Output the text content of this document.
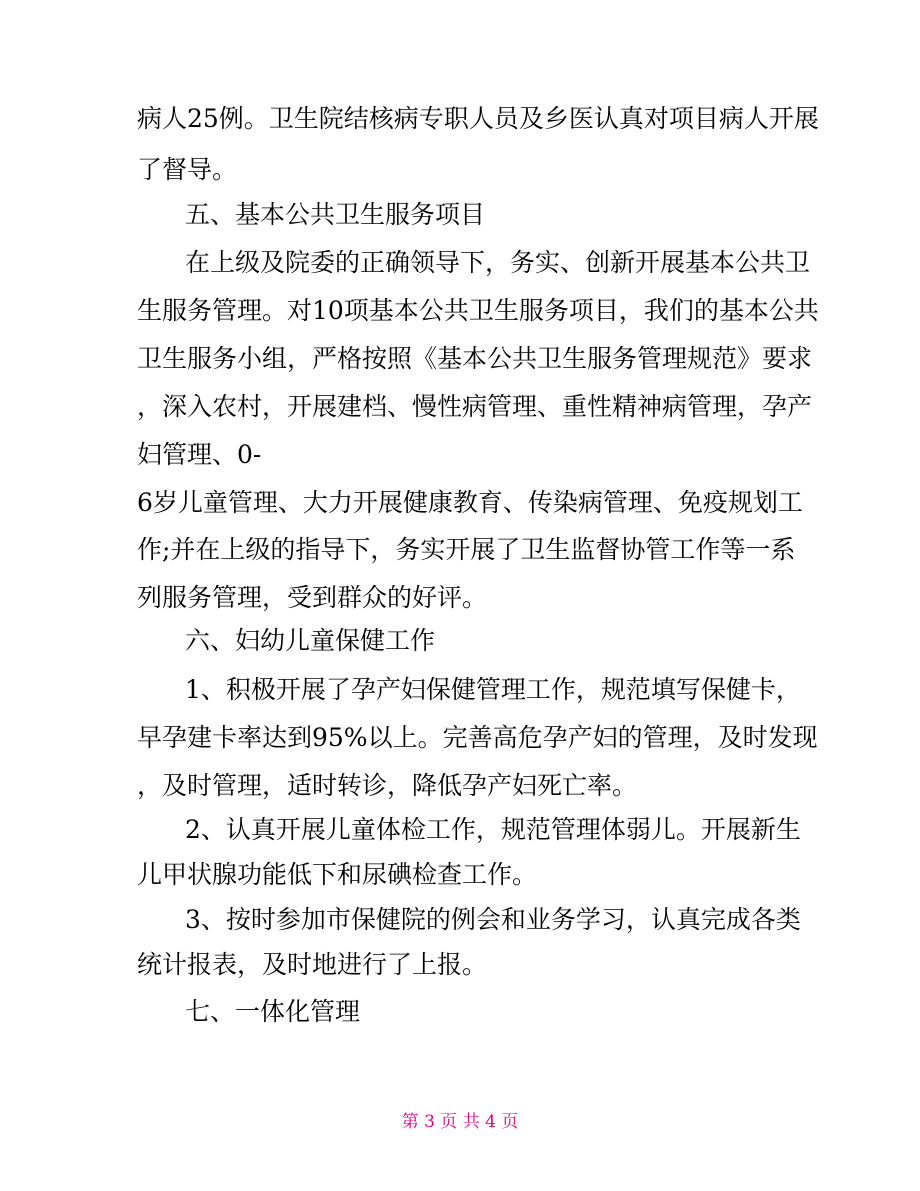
病人25例。卫生院结核病专职人员及乡医认真对项目病人开展
了督导。
五、基本公共卫生服务项目
在上级及院委的正确领导下，务实、创新开展基本公共卫
生服务管理。对10项基本公共卫生服务项目，我们的基本公共
卫生服务小组，严格按照《基本公共卫生服务管理规范》要求
，深入农村，开展建档、慢性病管理、重性精神病管理，孕产
妇管理、0-
6岁儿童管理、大力开展健康教育、传染病管理、免疫规划工
作;并在上级的指导下，务实开展了卫生监督协管工作等一系
列服务管理，受到群众的好评。
六、妇幼儿童保健工作
1、积极开展了孕产妇保健管理工作，规范填写保健卡，
早孕建卡率达到95%以上。完善高危孕产妇的管理，及时发现
，及时管理，适时转诊，降低孕产妇死亡率。
2、认真开展儿童体检工作，规范管理体弱儿。开展新生
儿甲状腺功能低下和尿碘检查工作。
3、按时参加市保健院的例会和业务学习，认真完成各类
统计报表，及时地进行了上报。
七、一体化管理
第 3 页 共 4 页
